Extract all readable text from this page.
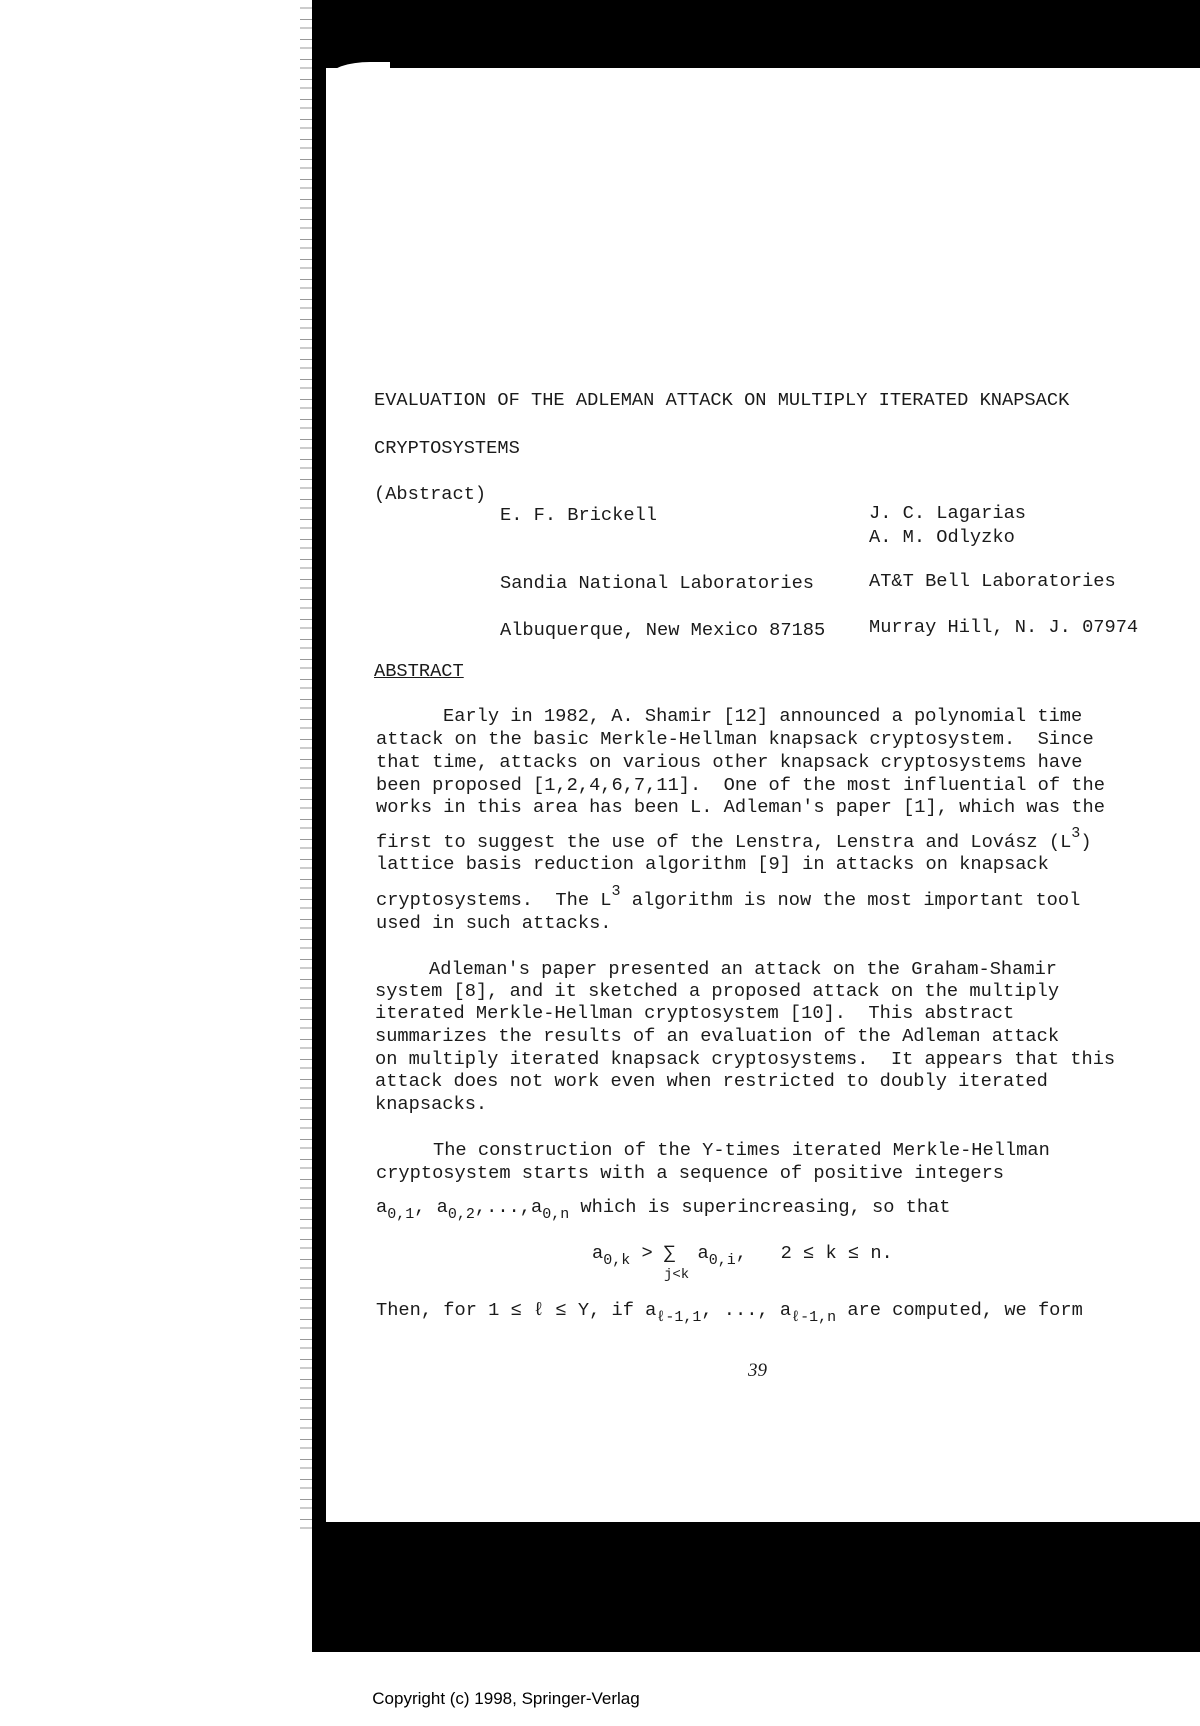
EVALUATION OF THE ADLEMAN ATTACK ON MULTIPLY ITERATED KNAPSACK
CRYPTOSYSTEMS
(Abstract)
E. F. Brickell
Sandia National Laboratories
Albuquerque, New Mexico 87185
J. C. Lagarias
A. M. Odlyzko
AT&T Bell Laboratories
Murray Hill, N. J. 07974
ABSTRACT
Early in 1982, A. Shamir [12] announced a polynomial time
attack on the basic Merkle-Hellman knapsack cryptosystem.  Since
that time, attacks on various other knapsack cryptosystems have
been proposed [1,2,4,6,7,11].  One of the most influential of the
works in this area has been L. Adleman's paper [1], which was the
first to suggest the use of the Lenstra, Lenstra and Lovász $(L^3)$
lattice basis reduction algorithm [9] in attacks on knapsack
cryptosystems.  The $L^3$ algorithm is now the most important tool
used in such attacks.
Adleman's paper presented an attack on the Graham-Shamir
system [8], and it sketched a proposed attack on the multiply
iterated Merkle-Hellman cryptosystem [10].  This abstract
summarizes the results of an evaluation of the Adleman attack
on multiply iterated knapsack cryptosystems.  It appears that this
attack does not work even when restricted to doubly iterated
knapsacks.
The construction of the Y-times iterated Merkle-Hellman
cryptosystem starts with a sequence of positive integers
$a_{0,1}$, $a_{0,2},...,a_{0,n}$ which is superincreasing, so that
$a_{0,k}$ > ∑  $a_{0,i}$,   2 ≤ k ≤ n.
j<k
Then, for 1 ≤ ℓ ≤ Y, if $a_{\ell-1,1}$, ..., $a_{\ell-1,n}$ are computed, we form
39
Copyright (c) 1998, Springer-Verlag
